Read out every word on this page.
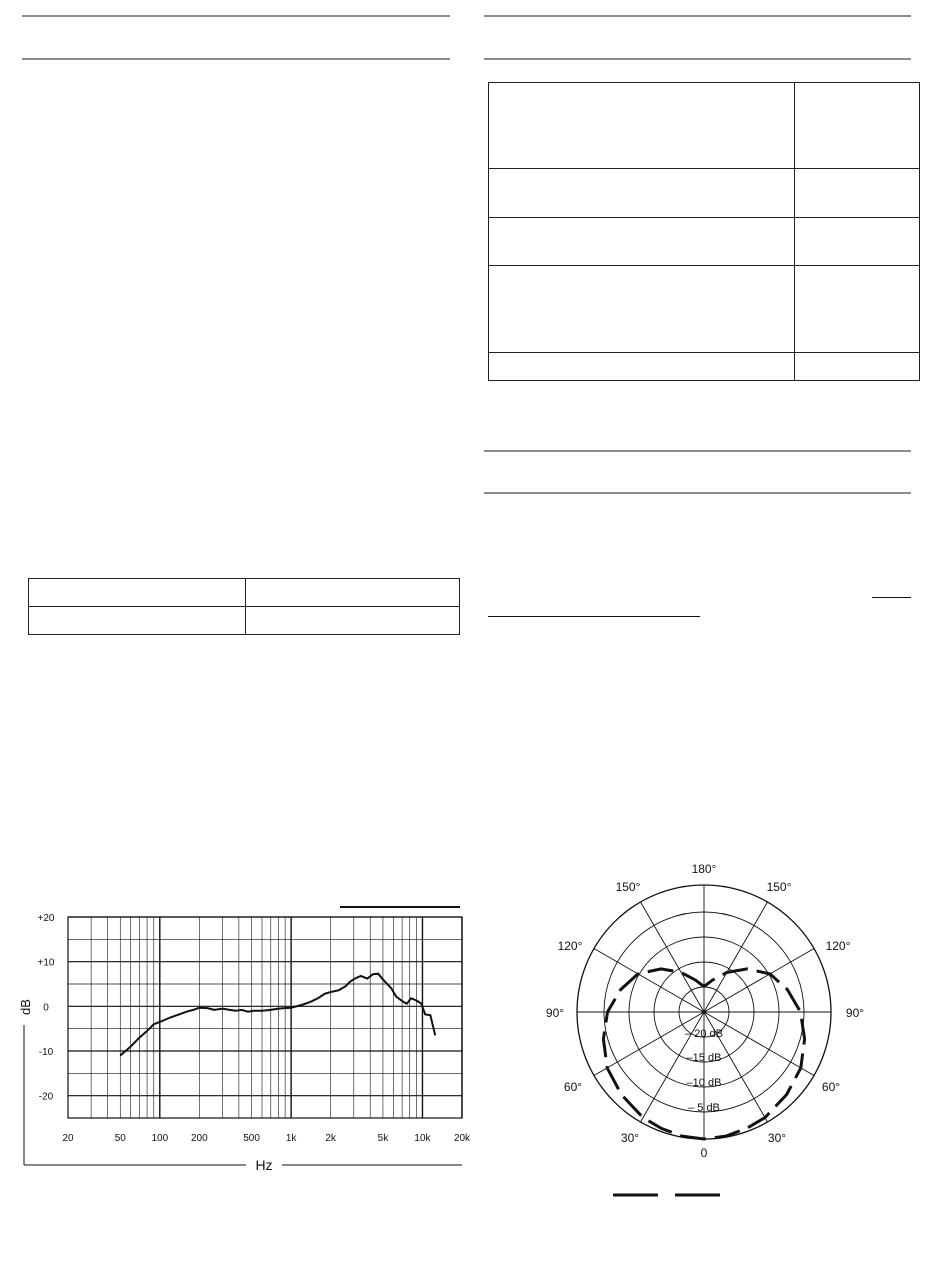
+20
+10
0
-10
-20
20	50	100 200	500	1k	2k	5k	10k 20k
dB
Hz
180°
150°	150°
120°	120°
90°	90°
60°	60°
30°	30°
0
– 20 dB
–15 dB
–10 dB
– 5 dB
